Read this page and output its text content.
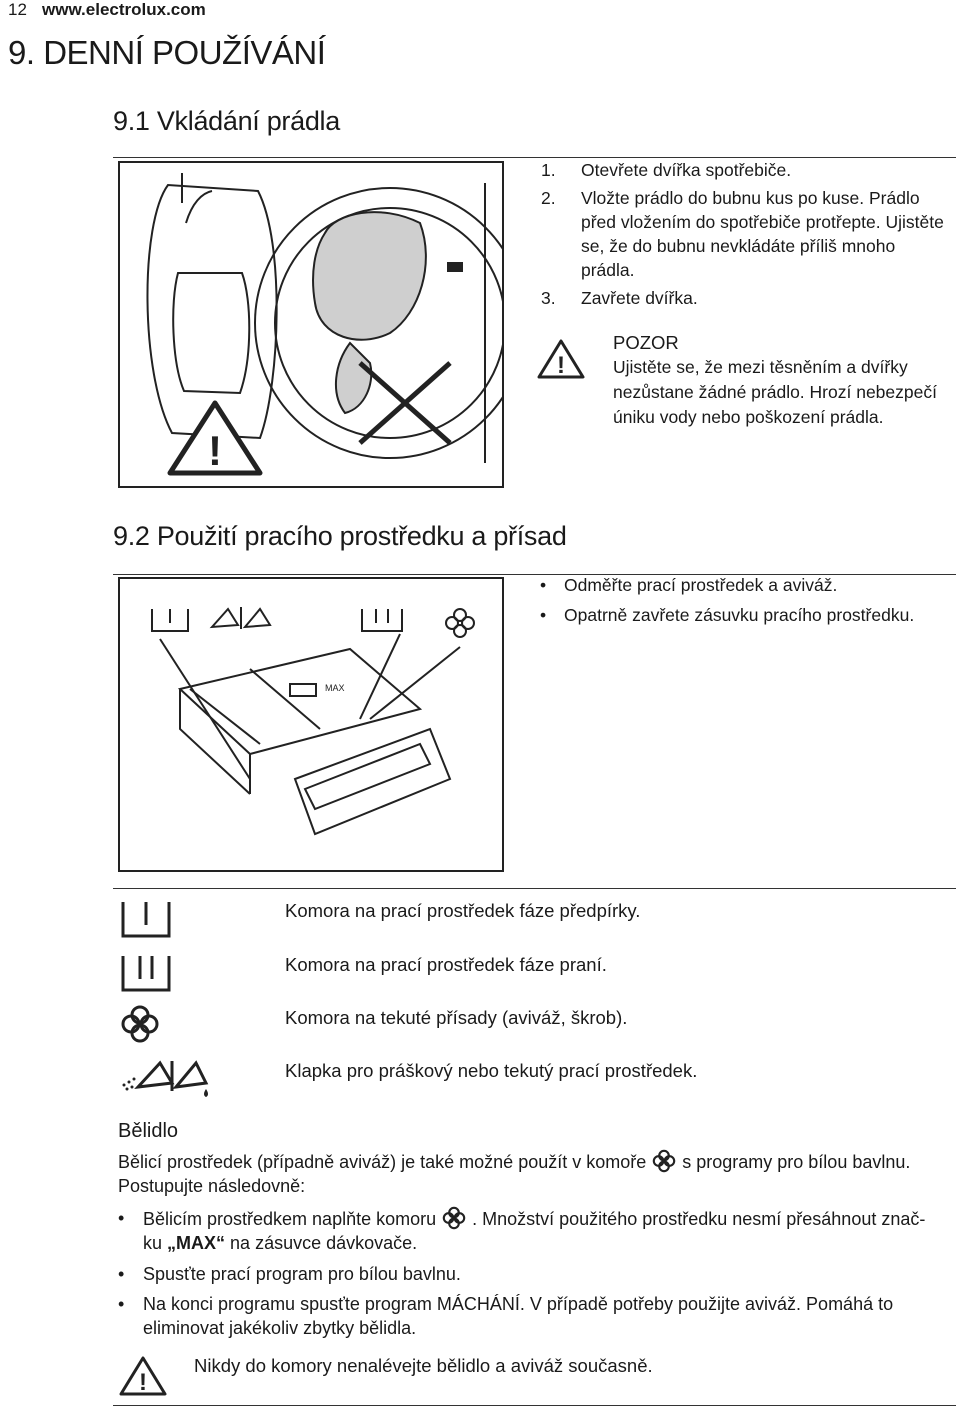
12 www.electrolux.com
9. DENNÍ POUŽÍVÁNÍ
9.1 Vkládání prádla
!
1.	Otevřete dvířka spotřebiče.
2.	Vložte prádlo do bubnu kus po kuse. Prádlo před vložením do spotřebiče protřepte. Ujistěte se, že do bubnu nevkládáte příliš mnoho prádla.
3.	Zavřete dvířka.
!
POZOR
Ujistěte se, že mezi těsněním a dvířky nezůstane žádné prádlo. Hrozí nebezpečí úniku vody nebo poškození prádla.
9.2 Použití pracího prostředku a přísad
MAX
•	Odměřte prací prostředek a aviváž.
•	Opatrně zavřete zásuvku pracího prostředku.
Komora na prací prostředek fáze předpírky.
Komora na prací prostředek fáze praní.
Komora na tekuté přísady (aviváž, škrob).
Klapka pro práškový nebo tekutý prací prostředek.
Bělidlo
Bělicí prostředek (případně aviváž) je také možné použít v komoře s programy pro bílou bavlnu.
Postupujte následovně:
•	Bělicím prostředkem naplňte komoru . Množství použitého prostředku nesmí přesáhnout znač-
ku „MAX“ na zásuvce dávkovače.
•	Spusťte prací program pro bílou bavlnu.
•	Na konci programu spusťte program MÁCHÁNÍ. V případě potřeby použijte aviváž. Pomáhá to
eliminovat jakékoliv zbytky bělidla.
!
Nikdy do komory nenalévejte bělidlo a aviváž současně.
